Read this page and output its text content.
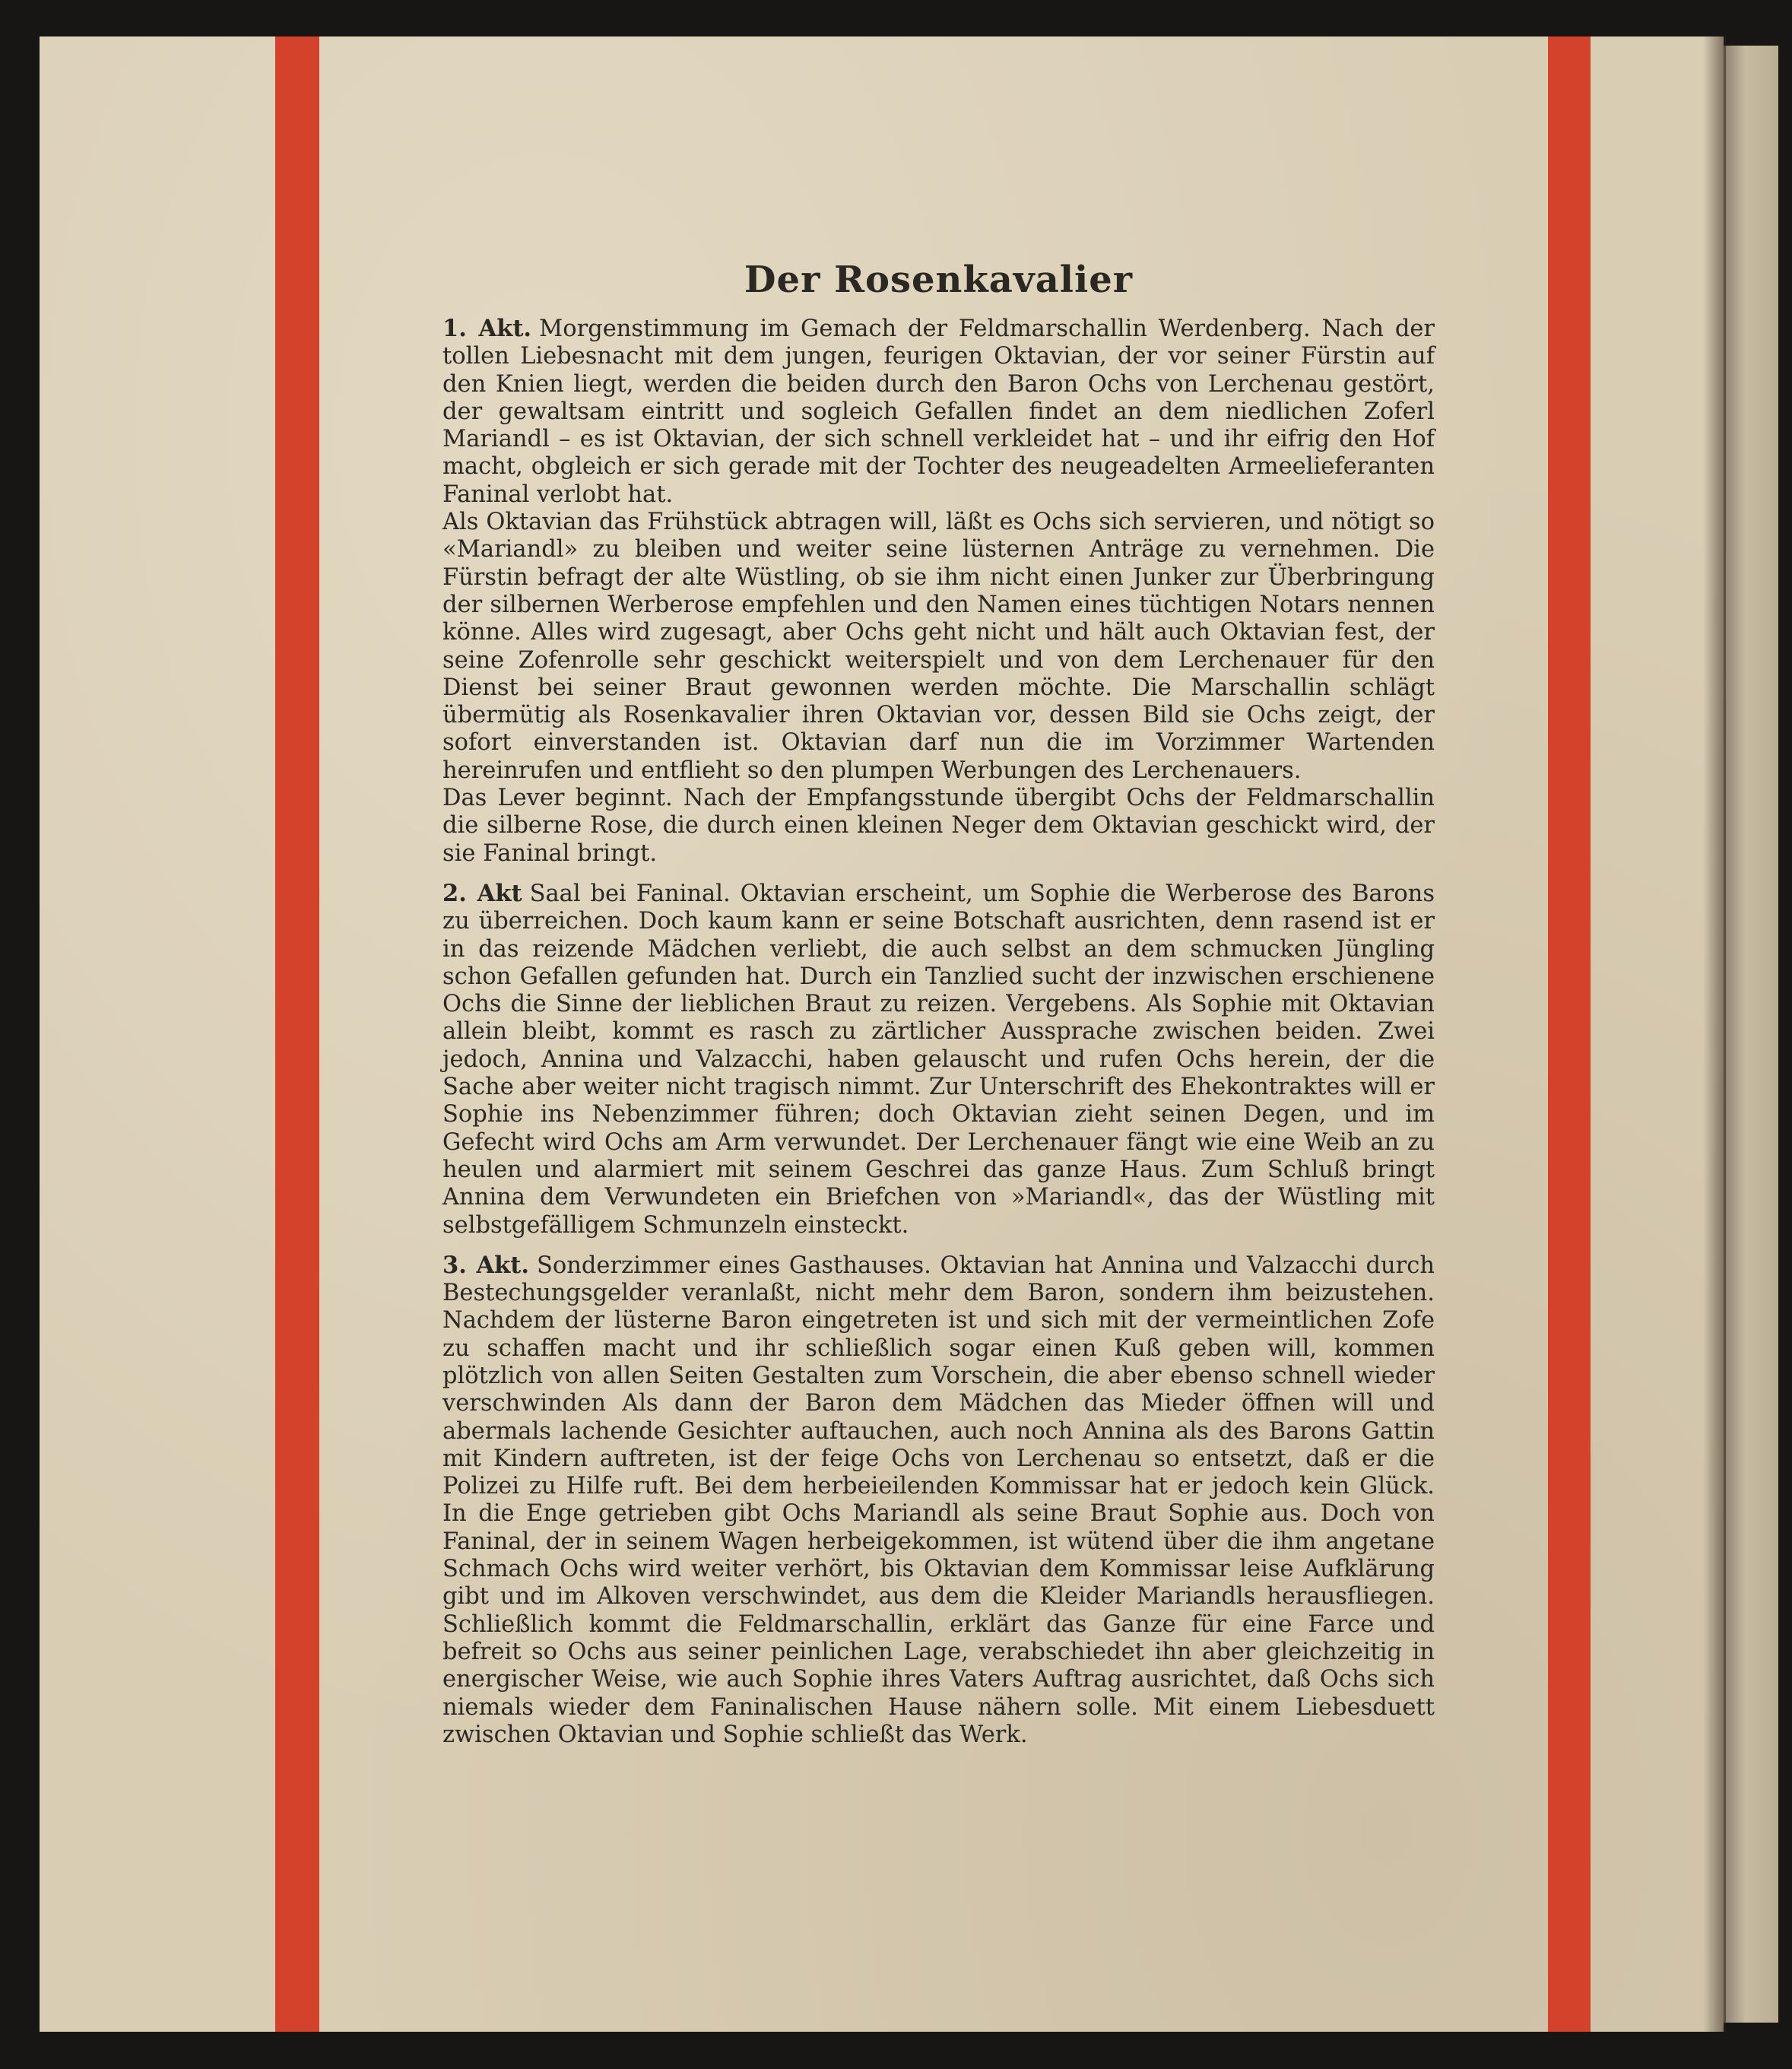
Der Rosenkavalier
1. Akt. Morgenstimmung im Gemach der Feldmarschallin Werdenberg. Nach der tollen Liebesnacht mit dem jungen, feurigen Oktavian, der vor seiner Fürstin auf den Knien liegt, werden die beiden durch den Baron Ochs von Lerchenau gestört, der gewaltsam eintritt und sogleich Gefallen findet an dem niedlichen Zoferl Mariandl – es ist Oktavian, der sich schnell verkleidet hat – und ihr eifrig den Hof macht, obgleich er sich gerade mit der Tochter des neugeadelten Armeelieferanten Faninal verlobt hat.
Als Oktavian das Frühstück abtragen will, läßt es Ochs sich servieren, und nötigt so «Mariandl» zu bleiben und weiter seine lüsternen Anträge zu vernehmen. Die Fürstin befragt der alte Wüstling, ob sie ihm nicht einen Junker zur Überbringung der silbernen Werberose empfehlen und den Namen eines tüchtigen Notars nennen könne. Alles wird zugesagt, aber Ochs geht nicht und hält auch Oktavian fest, der seine Zofenrolle sehr geschickt weiterspielt und von dem Lerchenauer für den Dienst bei seiner Braut gewonnen werden möchte. Die Marschallin schlägt übermütig als Rosenkavalier ihren Oktavian vor, dessen Bild sie Ochs zeigt, der sofort einverstanden ist. Oktavian darf nun die im Vorzimmer Wartenden hereinrufen und entflieht so den plumpen Werbungen des Lerchenauers.
Das Lever beginnt. Nach der Empfangsstunde übergibt Ochs der Feldmarschallin die silberne Rose, die durch einen kleinen Neger dem Oktavian geschickt wird, der sie Faninal bringt.
2. Akt Saal bei Faninal. Oktavian erscheint, um Sophie die Werberose des Barons zu überreichen. Doch kaum kann er seine Botschaft ausrichten, denn rasend ist er in das reizende Mädchen verliebt, die auch selbst an dem schmucken Jüngling schon Gefallen gefunden hat. Durch ein Tanzlied sucht der inzwischen erschienene Ochs die Sinne der lieblichen Braut zu reizen. Vergebens. Als Sophie mit Oktavian allein bleibt, kommt es rasch zu zärtlicher Aussprache zwischen beiden. Zwei jedoch, Annina und Valzacchi, haben gelauscht und rufen Ochs herein, der die Sache aber weiter nicht tragisch nimmt. Zur Unterschrift des Ehekontraktes will er Sophie ins Nebenzimmer führen; doch Oktavian zieht seinen Degen, und im Gefecht wird Ochs am Arm verwundet. Der Lerchenauer fängt wie eine Weib an zu heulen und alarmiert mit seinem Geschrei das ganze Haus. Zum Schluß bringt Annina dem Verwundeten ein Briefchen von »Mariandl«, das der Wüstling mit selbstgefälligem Schmunzeln einsteckt.
3. Akt. Sonderzimmer eines Gasthauses. Oktavian hat Annina und Valzacchi durch Bestechungsgelder veranlaßt, nicht mehr dem Baron, sondern ihm beizustehen. Nachdem der lüsterne Baron eingetreten ist und sich mit der vermeintlichen Zofe zu schaffen macht und ihr schließlich sogar einen Kuß geben will, kommen plötzlich von allen Seiten Gestalten zum Vorschein, die aber ebenso schnell wieder verschwinden Als dann der Baron dem Mädchen das Mieder öffnen will und abermals lachende Gesichter auftauchen, auch noch Annina als des Barons Gattin mit Kindern auftreten, ist der feige Ochs von Lerchenau so entsetzt, daß er die Polizei zu Hilfe ruft. Bei dem herbeieilenden Kommissar hat er jedoch kein Glück. In die Enge getrieben gibt Ochs Mariandl als seine Braut Sophie aus. Doch von Faninal, der in seinem Wagen herbeigekommen, ist wütend über die ihm angetane Schmach Ochs wird weiter verhört, bis Oktavian dem Kommissar leise Aufklärung gibt und im Alkoven verschwindet, aus dem die Kleider Mariandls herausfliegen. Schließlich kommt die Feldmarschallin, erklärt das Ganze für eine Farce und befreit so Ochs aus seiner peinlichen Lage, verabschiedet ihn aber gleichzeitig in energischer Weise, wie auch Sophie ihres Vaters Auftrag ausrichtet, daß Ochs sich niemals wieder dem Faninalischen Hause nähern solle. Mit einem Liebesduett zwischen Oktavian und Sophie schließt das Werk.
